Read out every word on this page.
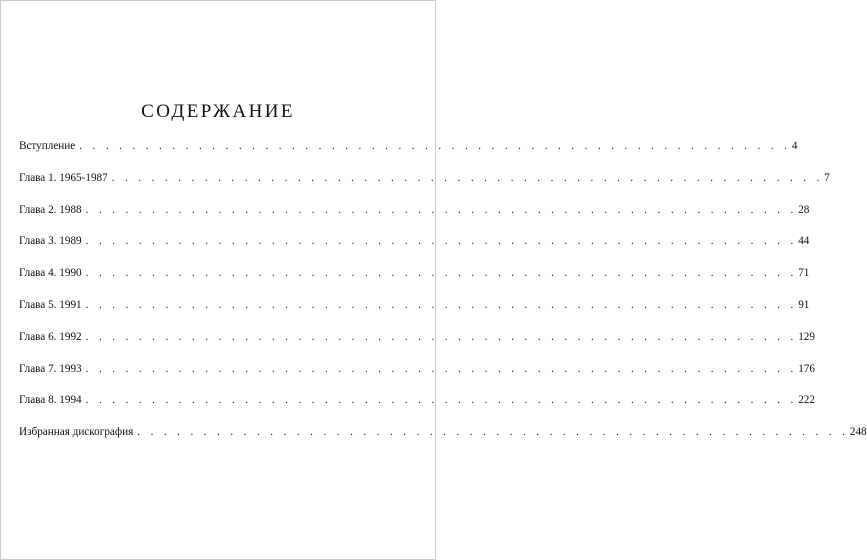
СОДЕРЖАНИЕ
Вступление . . . . . . . . . . . . . . . . . . . . . . . . . . . . . . . . . . . . . . . . . . . . . . . . . . . . . . 4
Глава 1. 1965-1987 . . . . . . . . . . . . . . . . . . . . . . . . . . . . . . . . . . . . . . . . . . . . . . . . . . . . . . 7
Глава 2. 1988 . . . . . . . . . . . . . . . . . . . . . . . . . . . . . . . . . . . . . . . . . . . . . . . . . . . . . . 28
Глава 3. 1989 . . . . . . . . . . . . . . . . . . . . . . . . . . . . . . . . . . . . . . . . . . . . . . . . . . . . . . 44
Глава 4. 1990 . . . . . . . . . . . . . . . . . . . . . . . . . . . . . . . . . . . . . . . . . . . . . . . . . . . . . . 71
Глава 5. 1991 . . . . . . . . . . . . . . . . . . . . . . . . . . . . . . . . . . . . . . . . . . . . . . . . . . . . . . 91
Глава 6. 1992 . . . . . . . . . . . . . . . . . . . . . . . . . . . . . . . . . . . . . . . . . . . . . . . . . . . . . . 129
Глава 7. 1993 . . . . . . . . . . . . . . . . . . . . . . . . . . . . . . . . . . . . . . . . . . . . . . . . . . . . . . 176
Глава 8. 1994 . . . . . . . . . . . . . . . . . . . . . . . . . . . . . . . . . . . . . . . . . . . . . . . . . . . . . . 222
Избранная дискография . . . . . . . . . . . . . . . . . . . . . . . . . . . . . . . . . . . . . . . . . . . . . . . . . . . . . . 248
